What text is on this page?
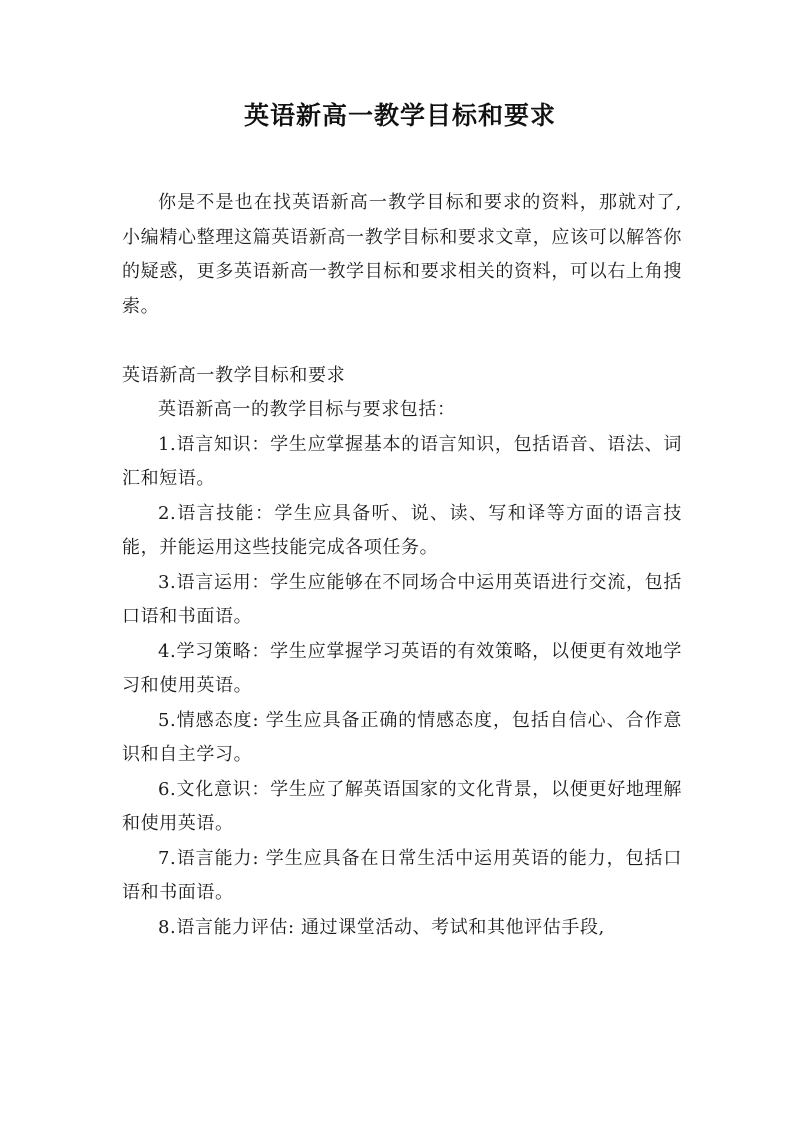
英语新高一教学目标和要求

你是不是也在找英语新高一教学目标和要求的资料，那就对了,小编精心整理这篇英语新高一教学目标和要求文章，应该可以解答你的疑惑，更多英语新高一教学目标和要求相关的资料，可以右上角搜索。

英语新高一教学目标和要求

英语新高一的教学目标与要求包括：

1.语言知识：学生应掌握基本的语言知识，包括语音、语法、词汇和短语。

2.语言技能：学生应具备听、说、读、写和译等方面的语言技能，并能运用这些技能完成各项任务。

3.语言运用：学生应能够在不同场合中运用英语进行交流，包括口语和书面语。

4.学习策略：学生应掌握学习英语的有效策略，以便更有效地学习和使用英语。

5.情感态度: 学生应具备正确的情感态度，包括自信心、合作意识和自主学习。

6.文化意识：学生应了解英语国家的文化背景，以便更好地理解和使用英语。

7.语言能力: 学生应具备在日常生活中运用英语的能力，包括口语和书面语。

8.语言能力评估: 通过课堂活动、考试和其他评估手段,
